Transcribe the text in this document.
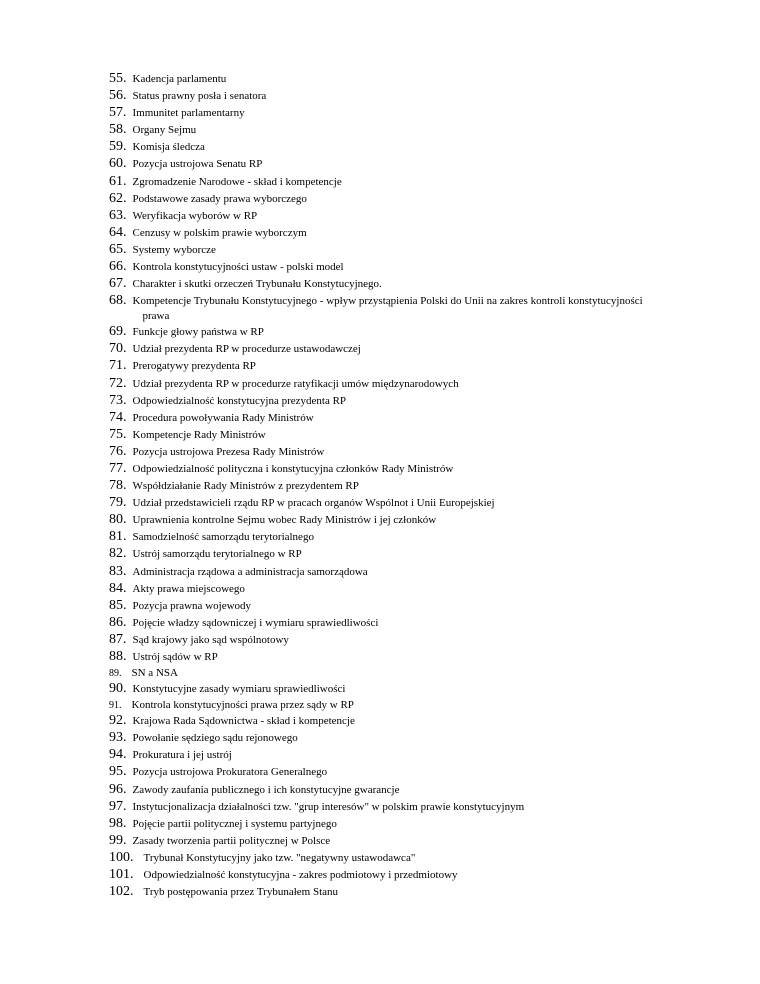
55. Kadencja parlamentu
56. Status prawny posła i senatora
57. Immunitet parlamentarny
58. Organy Sejmu
59. Komisja śledcza
60. Pozycja ustrojowa Senatu RP
61. Zgromadzenie Narodowe - skład i kompetencje
62. Podstawowe zasady prawa wyborczego
63. Weryfikacja wyborów w RP
64. Cenzusy w polskim prawie wyborczym
65. Systemy wyborcze
66. Kontrola konstytucyjności ustaw - polski model
67. Charakter i skutki orzeczeń Trybunału Konstytucyjnego.
68. Kompetencje Trybunału Konstytucyjnego - wpływ przystąpienia Polski do Unii na zakres kontroli konstytucyjności
prawa
69. Funkcje głowy państwa w RP
70. Udział prezydenta RP w procedurze ustawodawczej
71. Prerogatywy prezydenta RP
72. Udział prezydenta RP w procedurze ratyfikacji umów międzynarodowych
73. Odpowiedzialność konstytucyjna prezydenta RP
74. Procedura powoływania Rady Ministrów
75. Kompetencje Rady Ministrów
76. Pozycja ustrojowa Prezesa Rady Ministrów
77. Odpowiedzialność polityczna i konstytucyjna członków Rady Ministrów
78. Współdziałanie Rady Ministrów z prezydentem RP
79. Udział przedstawicieli rządu RP w pracach organów Wspólnot i Unii Europejskiej
80. Uprawnienia kontrolne Sejmu wobec Rady Ministrów i jej członków
81. Samodzielność samorządu terytorialnego
82. Ustrój samorządu terytorialnego w RP
83. Administracja rządowa a administracja samorządowa
84. Akty prawa miejscowego
85. Pozycja prawna wojewody
86. Pojęcie władzy sądowniczej i wymiaru sprawiedliwości
87. Sąd krajowy jako sąd wspólnotowy
88. Ustrój sądów w RP
89. SN a NSA
90. Konstytucyjne zasady wymiaru sprawiedliwości
91. Kontrola konstytucyjności prawa przez sądy w RP
92. Krajowa Rada Sądownictwa - skład i kompetencje
93. Powołanie sędziego sądu rejonowego
94. Prokuratura i jej ustrój
95. Pozycja ustrojowa Prokuratora Generalnego
96. Zawody zaufania publicznego i ich konstytucyjne gwarancje
97. Instytucjonalizacja działalności tzw. "grup interesów" w polskim prawie konstytucyjnym
98. Pojęcie partii politycznej i systemu partyjnego
99. Zasady tworzenia partii politycznej w Polsce
100. Trybunał Konstytucyjny jako tzw. "negatywny ustawodawca"
101. Odpowiedzialność konstytucyjna - zakres podmiotowy i przedmiotowy
102. Tryb postępowania przez Trybunałem Stanu
